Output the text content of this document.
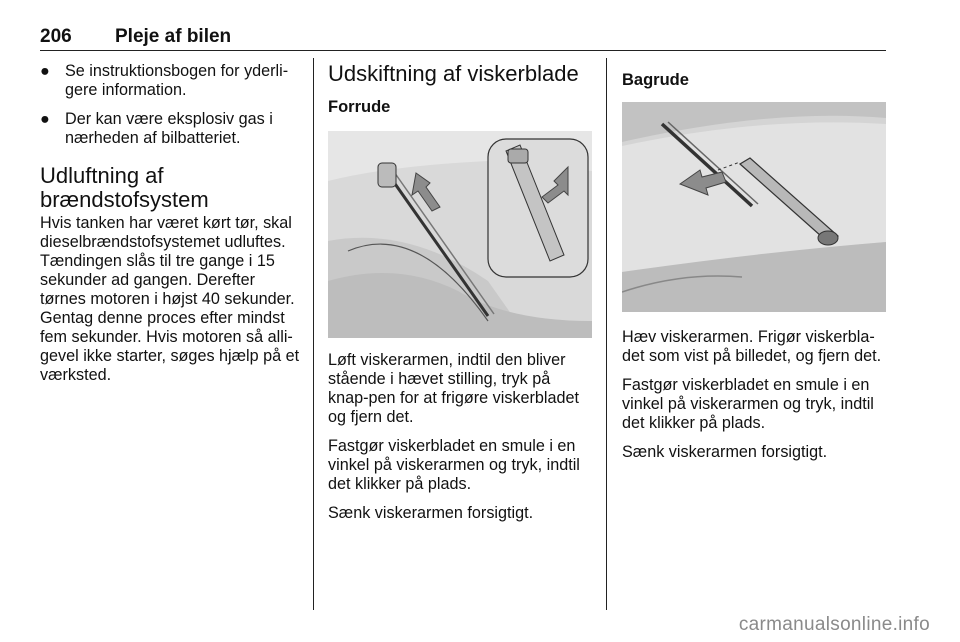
206 Pleje af bilen
● Se instruktionsbogen for yderli-gere information.
● Der kan være eksplosiv gas i nærheden af bilbatteriet.
Udluftning af
brændstofsystem

Hvis tanken har været kørt tør, skal dieselbrændstofsystemet udluftes. Tændingen slås til tre gange i 15 sekunder ad gangen. Derefter tørnes motoren i højst 40 sekunder. Gentag denne proces efter mindst fem sekunder. Hvis motoren så alli-gevel ikke starter, søges hjælp på et værksted.

Udskiftning af viskerblade
Forrude

Løft viskerarmen, indtil den bliver stående i hævet stilling, tryk på knap-pen for at frigøre viskerbladet og fjern det.

Fastgør viskerbladet en smule i en vinkel på viskerarmen og tryk, indtil det klikker på plads.

Sænk viskerarmen forsigtigt.

Bagrude

Hæv viskerarmen. Frigør viskerbla-det som vist på billedet, og fjern det.

Fastgør viskerbladet en smule i en vinkel på viskerarmen og tryk, indtil det klikker på plads.

Sænk viskerarmen forsigtigt.

carmanualsonline.info
